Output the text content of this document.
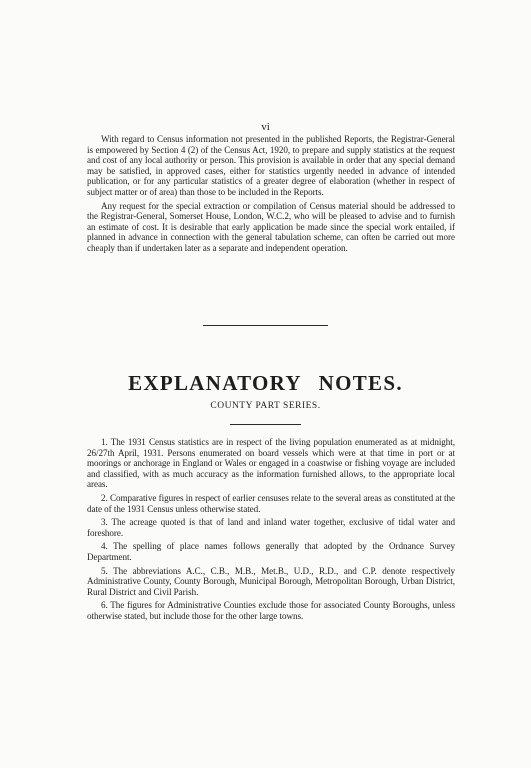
vi

With regard to Census information not presented in the published Reports, the Registrar-General is empowered by Section 4 (2) of the Census Act, 1920, to prepare and supply statistics at the request and cost of any local authority or person. This provision is available in order that any special demand may be satisfied, in approved cases, either for statistics urgently needed in advance of intended publication, or for any particular statistics of a greater degree of elaboration (whether in respect of subject matter or of area) than those to be included in the Reports.

Any request for the special extraction or compilation of Census material should be addressed to the Registrar-General, Somerset House, London, W.C.2, who will be pleased to advise and to furnish an estimate of cost. It is desirable that early application be made since the special work entailed, if planned in advance in connection with the general tabulation scheme, can often be carried out more cheaply than if undertaken later as a separate and independent operation.

EXPLANATORY NOTES.
COUNTY PART SERIES.

1. The 1931 Census statistics are in respect of the living population enumerated as at midnight, 26/27th April, 1931. Persons enumerated on board vessels which were at that time in port or at moorings or anchorage in England or Wales or engaged in a coastwise or fishing voyage are included and classified, with as much accuracy as the information furnished allows, to the appropriate local areas.

2. Comparative figures in respect of earlier censuses relate to the several areas as constituted at the date of the 1931 Census unless otherwise stated.

3. The acreage quoted is that of land and inland water together, exclusive of tidal water and foreshore.

4. The spelling of place names follows generally that adopted by the Ordnance Survey Department.

5. The abbreviations A.C., C.B., M.B., Met.B., U.D., R.D., and C.P. denote respectively Administrative County, County Borough, Municipal Borough, Metropolitan Borough, Urban District, Rural District and Civil Parish.

6. The figures for Administrative Counties exclude those for associated County Boroughs, unless otherwise stated, but include those for the other large towns.
